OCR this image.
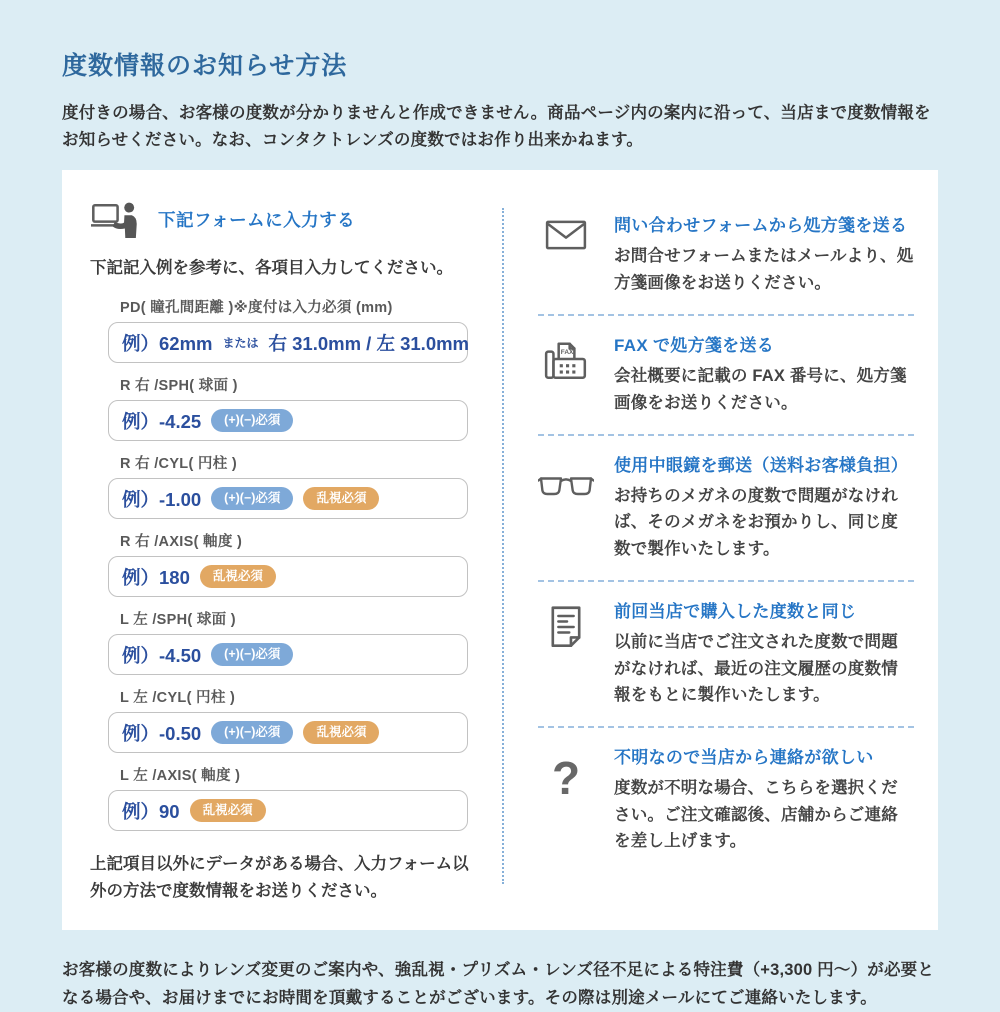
度数情報のお知らせ方法

度付きの場合、お客様の度数が分かりませんと作成できません。商品ページ内の案内に沿って、当店まで度数情報をお知らせください。なお、コンタクトレンズの度数ではお作り出来かねます。

下記フォームに入力する

下記記入例を参考に、各項目入力してください。

PD( 瞳孔間距離 )※度付は入力必須 (mm)
例）62mm または 右 31.0mm / 左 31.0mm
R 右 /SPH( 球面 )
例）-4.25	(+)(−)必須
R 右 /CYL( 円柱 )
例）-1.00	(+)(−)必須	乱視必須
R 右 /AXIS( 軸度 )
例）180	乱視必須
L 左 /SPH( 球面 )
例）-4.50	(+)(−)必須
L 左 /CYL( 円柱 )
例）-0.50	(+)(−)必須	乱視必須
L 左 /AXIS( 軸度 )
例）90	乱視必須

上記項目以外にデータがある場合、入力フォーム以外の方法で度数情報をお送りください。

問い合わせフォームから処方箋を送る

お問合せフォームまたはメールより、処方箋画像をお送りください。

FAX FAX で処方箋を送る

会社概要に記載の FAX 番号に、処方箋画像をお送りください。

使用中眼鏡を郵送（送料お客様負担）

お持ちのメガネの度数で問題がなければ、そのメガネをお預かりし、同じ度数で製作いたします。

前回当店で購入した度数と同じ

以前に当店でご注文された度数で問題がなければ、最近の注文履歴の度数情報をもとに製作いたします。

? 不明なので当店から連絡が欲しい

度数が不明な場合、こちらを選択ください。ご注文確認後、店舗からご連絡を差し上げます。

お客様の度数によりレンズ変更のご案内や、強乱視・プリズム・レンズ径不足による特注費（+3,300 円〜）が必要となる場合や、お届けまでにお時間を頂戴することがございます。その際は別途メールにてご連絡いたします。
